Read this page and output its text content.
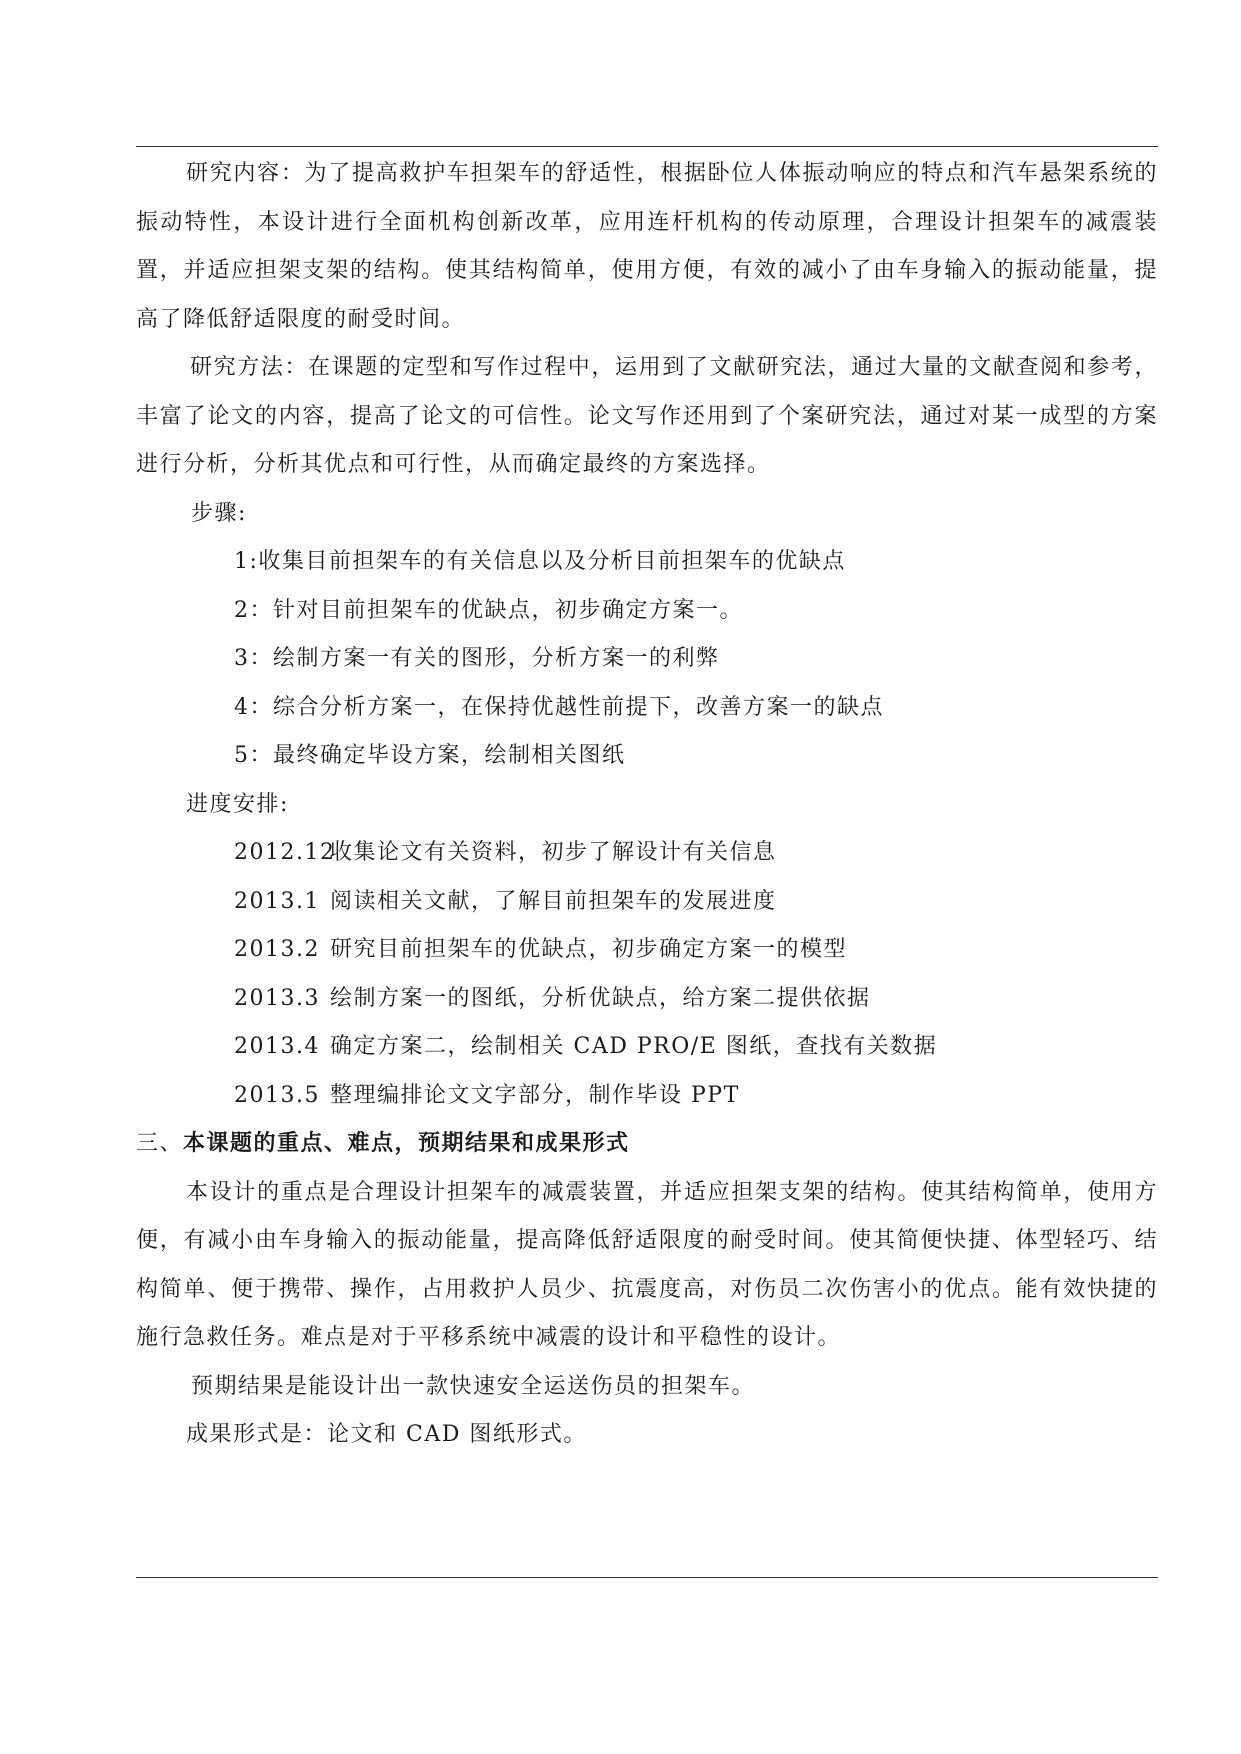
研究内容：为了提高救护车担架车的舒适性，根据卧位人体振动响应的特点和汽车悬架系统的振动特性，本设计进行全面机构创新改革，应用连杆机构的传动原理，合理设计担架车的减震装置，并适应担架支架的结构。使其结构简单，使用方便，有效的减小了由车身输入的振动能量，提高了降低舒适限度的耐受时间。

研究方法：在课题的定型和写作过程中，运用到了文献研究法，通过大量的文献查阅和参考，丰富了论文的内容，提高了论文的可信性。论文写作还用到了个案研究法，通过对某一成型的方案进行分析，分析其优点和可行性，从而确定最终的方案选择。

步骤:

1:收集目前担架车的有关信息以及分析目前担架车的优缺点

2：针对目前担架车的优缺点，初步确定方案一。

3：绘制方案一有关的图形，分析方案一的利弊

4：综合分析方案一，在保持优越性前提下，改善方案一的缺点

5：最终确定毕设方案，绘制相关图纸

进度安排:

2012.12收集论文有关资料，初步了解设计有关信息

2013.1 阅读相关文献，了解目前担架车的发展进度

2013.2 研究目前担架车的优缺点，初步确定方案一的模型

2013.3 绘制方案一的图纸，分析优缺点，给方案二提供依据

2013.4 确定方案二，绘制相关 CAD PRO/E 图纸，查找有关数据

2013.5 整理编排论文文字部分，制作毕设 PPT

三、本课题的重点、难点，预期结果和成果形式

本设计的重点是合理设计担架车的减震装置，并适应担架支架的结构。使其结构简单，使用方便，有减小由车身输入的振动能量，提高降低舒适限度的耐受时间。使其简便快捷、体型轻巧、结构简单、便于携带、操作，占用救护人员少、抗震度高，对伤员二次伤害小的优点。能有效快捷的施行急救任务。难点是对于平移系统中减震的设计和平稳性的设计。

预期结果是能设计出一款快速安全运送伤员的担架车。

成果形式是：论文和 CAD 图纸形式。
